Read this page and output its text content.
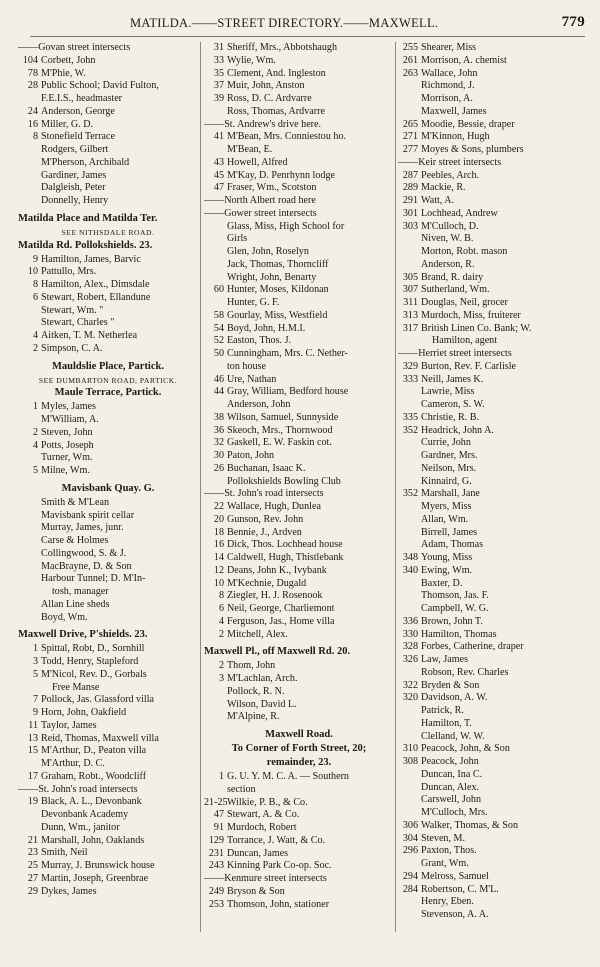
MATILDA.——STREET DIRECTORY.——MAXWELL.	779
——Govan street intersects
104 Corbett, John
78 M'Phie, W.
28 Public School; David Fulton,
F.E.I.S., headmaster
24 Anderson, George
16 Miller, G. D.
8 Stonefield Terrace
Rodgers, Gilbert
M'Pherson, Archibald
Gardiner, James
Dalgleish, Peter
Donnelly, Henry
Matilda Place and Matilda Ter.
SEE NITHSDALE ROAD.
Matilda Rd. Pollokshields. 23.
9 Hamilton, James, Barvic
10 Pattullo, Mrs.
8 Hamilton, Alex., Dimsdale
6 Stewart, Robert, Ellandune
Stewart, Wm. "
Stewart, Charles "
4 Aitken, T. M. Netherlea
2 Simpson, C. A.
Mauldslie Place, Partick.
SEE DUMBARTON ROAD, PARTICK.
Maule Terrace, Partick.
1 Myles, James
M'William, A.
2 Steven, John
4 Potts, Joseph
Turner, Wm.
5 Milne, Wm.
Mavisbank Quay. G.
Smith & M'Lean
Mavisbank spirit cellar
Murray, James, junr.
Carse & Holmes
Collingwood, S. & J.
MacBrayne, D. & Son
Harbour Tunnel; D. M'In-
tosh, manager
Allan Line sheds
Boyd, Wm.
Maxwell Drive, P'shields. 23.
1 Spittal, Robt, D., Sornhill
3 Todd, Henry, Stapleford
5 M'Nicol, Rev. D., Gorbals
Free Manse
7 Pollock, Jas. Glassford villa
9 Horn, John, Oakfield
11 Taylor, James
13 Reid, Thomas, Maxwell villa
15 M'Arthur, D., Peaton villa
M'Arthur, D. C.
17 Graham, Robt., Woodcliff
——St. John's road intersects
19 Black, A. L., Devonbank
Devonbank Academy
Dunn, Wm., janitor
21 Marshall, John, Oaklands
23 Smith, Neil
25 Murray, J. Brunswick house
27 Martin, Joseph, Greenbrae
29 Dykes, James
31 Sheriff, Mrs., Abbotshaugh
33 Wylie, Wm.
35 Clement, And. Ingleston
37 Muir, John, Anston
39 Ross, D. C. Ardvarre
Ross, Thomas, Ardvarre
——St. Andrew's drive here.
41 M'Bean, Mrs. Conniestou ho.
M'Bean, E.
43 Howell, Alfred
45 M'Kay, D. Penrhynn lodge
47 Fraser, Wm., Scotston
——North Albert road here
——Gower street intersects
Glass, Miss, High School for
Girls
Glen, John, Roselyn
Jack, Thomas, Thorncliff
Wright, John, Benarty
60 Hunter, Moses, Kildonan
Hunter, G. F.
58 Gourlay, Miss, Westfield
54 Boyd, John, H.M.I.
52 Easton, Thos. J.
50 Cunningham, Mrs. C. Nether-
ton house
46 Ure, Nathan
44 Gray, William, Bedford house
Anderson, John
38 Wilson, Samuel, Sunnyside
36 Skeoch, Mrs., Thornwood
32 Gaskell, E. W. Faskin cot.
30 Paton, John
26 Buchanan, Isaac K.
Pollokshields Bowling Club
——St. John's road intersects
22 Wallace, Hugh, Dunlea
20 Gunson, Rev. John
18 Bennie, J., Ardven
16 Dick, Thos. Lochhead house
14 Caldwell, Hugh, Thistlebank
12 Deans, John K., Ivybank
10 M'Kechnie, Dugald
8 Ziegler, H. J. Rosenook
6 Neil, George, Charliemont
4 Ferguson, Jas., Home villa
2 Mitchell, Alex.
Maxwell Pl., off Maxwell Rd. 20.
2 Thom, John
3 M'Lachlan, Arch.
Pollock, R. N.
Wilson, David L.
M'Alpine, R.
Maxwell Road.
To Corner of Forth Street, 20;
remainder, 23.
1 G. U. Y. M. C. A. — Southern
section
21-25 Wilkie, P. B., & Co.
47 Stewart, A. & Co.
91 Murdoch, Robert
129 Torrance, J. Watt, & Co.
231 Duncan, James
243 Kinning Park Co-op. Soc.
——Kenmure street intersects
249 Bryson & Son
253 Thomson, John, stationer
255 Shearer, Miss
261 Morrison, A. chemist
263 Wallace, John
Richmond, J.
Morrison, A.
Maxwell, James
265 Moodie, Bessie, draper
271 M'Kinnon, Hugh
277 Moyes & Sons, plumbers
——Keir street intersects
287 Peebles, Arch.
289 Mackie, R.
291 Watt, A.
301 Lochhead, Andrew
303 M'Culloch, D.
Niven, W. B.
Morton, Robt. mason
Anderson, R.
305 Brand, R. dairy
307 Sutherland, Wm.
311 Douglas, Neil, grocer
313 Murdoch, Miss, fruiterer
317 British Linen Co. Bank; W.
Hamilton, agent
——Herriet street intersects
329 Burton, Rev. F. Carlisle
333 Neill, James K.
Lawrie, Miss
Cameron, S. W.
335 Christie, R. B.
352 Headrick, John A.
Currie, John
Gardner, Mrs.
Neilson, Mrs.
Kinnaird, G.
352 Marshall, Jane
Myers, Miss
Allan, Wm.
Birrell, James
Adam, Thomas
348 Young, Miss
340 Ewing, Wm.
Baxter, D.
Thomson, Jas. F.
Campbell, W. G.
336 Brown, John T.
330 Hamilton, Thomas
328 Forbes, Catherine, draper
326 Law, James
Robson, Rev. Charles
322 Bryden & Son
320 Davidson, A. W.
Patrick, R.
Hamilton, T.
Clelland, W. W.
310 Peacock, John, & Son
308 Peacock, John
Duncan, Ina C.
Duncan, Alex.
Carswell, John
M'Culloch, Mrs.
306 Walker, Thomas, & Son
304 Steven, M.
296 Paxton, Thos.
Grant, Wm.
294 Melross, Samuel
284 Robertson, C. M'L.
Henry, Eben.
Stevenson, A. A.
